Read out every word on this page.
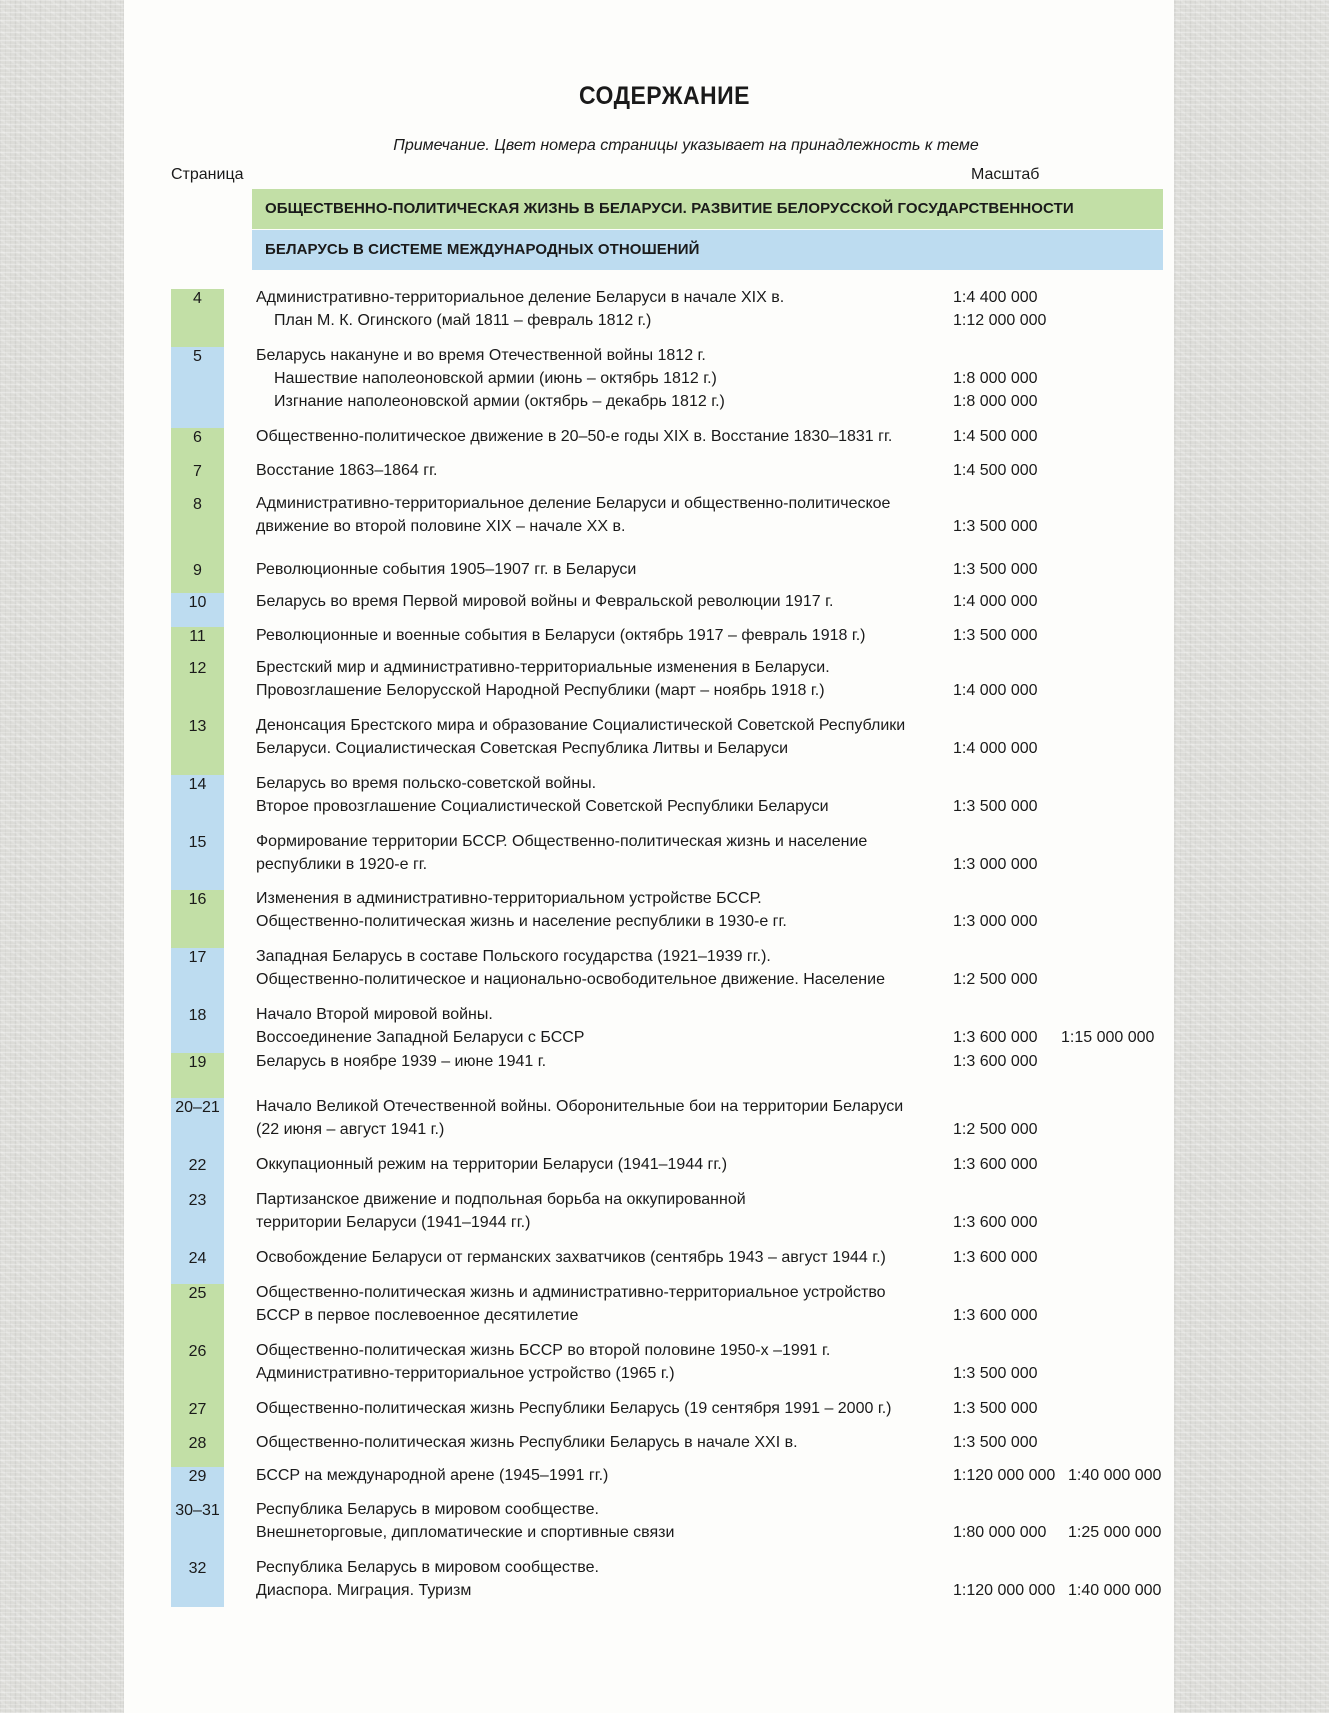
СОДЕРЖАНИЕ
Примечание. Цвет номера страницы указывает на принадлежность к теме
Страница	Масштаб
ОБЩЕСТВЕННО-ПОЛИТИЧЕСКАЯ ЖИЗНЬ В БЕЛАРУСИ. РАЗВИТИЕ БЕЛОРУССКОЙ ГОСУДАРСТВЕННОСТИ
БЕЛАРУСЬ В СИСТЕМЕ МЕЖДУНАРОДНЫХ ОТНОШЕНИЙ
4	Административно-территориальное деление Беларуси в начале XIX в.	1:4 400 000
План М. К. Огинского (май 1811 – февраль 1812 г.)	1:12 000 000
5	Беларусь накануне и во время Отечественной войны 1812 г.
Нашествие наполеоновской армии (июнь – октябрь 1812 г.)	1:8 000 000
Изгнание наполеоновской армии (октябрь – декабрь 1812 г.)	1:8 000 000
6	Общественно-политическое движение в 20–50-е годы XIX в. Восстание 1830–1831 гг.	1:4 500 000
7	Восстание 1863–1864 гг.	1:4 500 000
8	Административно-территориальное деление Беларуси и общественно-политическое
движение во второй половине XIX – начале XX в.	1:3 500 000
9	Революционные события 1905–1907 гг. в Беларуси	1:3 500 000
10	Беларусь во время Первой мировой войны и Февральской революции 1917 г.	1:4 000 000
11	Революционные и военные события в Беларуси (октябрь 1917 – февраль 1918 г.)	1:3 500 000
12	Брестский мир и административно-территориальные изменения в Беларуси.
Провозглашение Белорусской Народной Республики (март – ноябрь 1918 г.)	1:4 000 000
13	Денонсация Брестского мира и образование Социалистической Советской Республики
Беларуси. Социалистическая Советская Республика Литвы и Беларуси	1:4 000 000
14	Беларусь во время польско-советской войны.
Второе провозглашение Социалистической Советской Республики Беларуси	1:3 500 000
15	Формирование территории БССР. Общественно-политическая жизнь и население
республики в 1920-е гг.	1:3 000 000
16	Изменения в административно-территориальном устройстве БССР.
Общественно-политическая жизнь и население республики в 1930-е гг.	1:3 000 000
17	Западная Беларусь в составе Польского государства (1921–1939 гг.).
Общественно-политическое и национально-освободительное движение. Население	1:2 500 000
18	Начало Второй мировой войны.
Воссоединение Западной Беларуси с БССР	1:3 600 000 1:15 000 000
19	Беларусь в ноябре 1939 – июне 1941 г.	1:3 600 000
20–21 Начало Великой Отечественной войны. Оборонительные бои на территории Беларуси
(22 июня – август 1941 г.)	1:2 500 000
22	Оккупационный режим на территории Беларуси (1941–1944 гг.)	1:3 600 000
23	Партизанское движение и подпольная борьба на оккупированной
территории Беларуси (1941–1944 гг.)	1:3 600 000
24	Освобождение Беларуси от германских захватчиков (сентябрь 1943 – август 1944 г.)	1:3 600 000
25	Общественно-политическая жизнь и административно-территориальное устройство
БССР в первое послевоенное десятилетие	1:3 600 000
26	Общественно-политическая жизнь БССР во второй половине 1950-х –1991 г.
Административно-территориальное устройство (1965 г.)	1:3 500 000
27	Общественно-политическая жизнь Республики Беларусь (19 сентября 1991 – 2000 г.)	1:3 500 000
28	Общественно-политическая жизнь Республики Беларусь в начале XXI в.	1:3 500 000
29	БССР на международной арене (1945–1991 гг.)	1:120 000 000 1:40 000 000
30–31 Республика Беларусь в мировом сообществе.
Внешнеторговые, дипломатические и спортивные связи	1:80 000 000 1:25 000 000
32	Республика Беларусь в мировом сообществе.
Диаспора. Миграция. Туризм	1:120 000 000 1:40 000 000
